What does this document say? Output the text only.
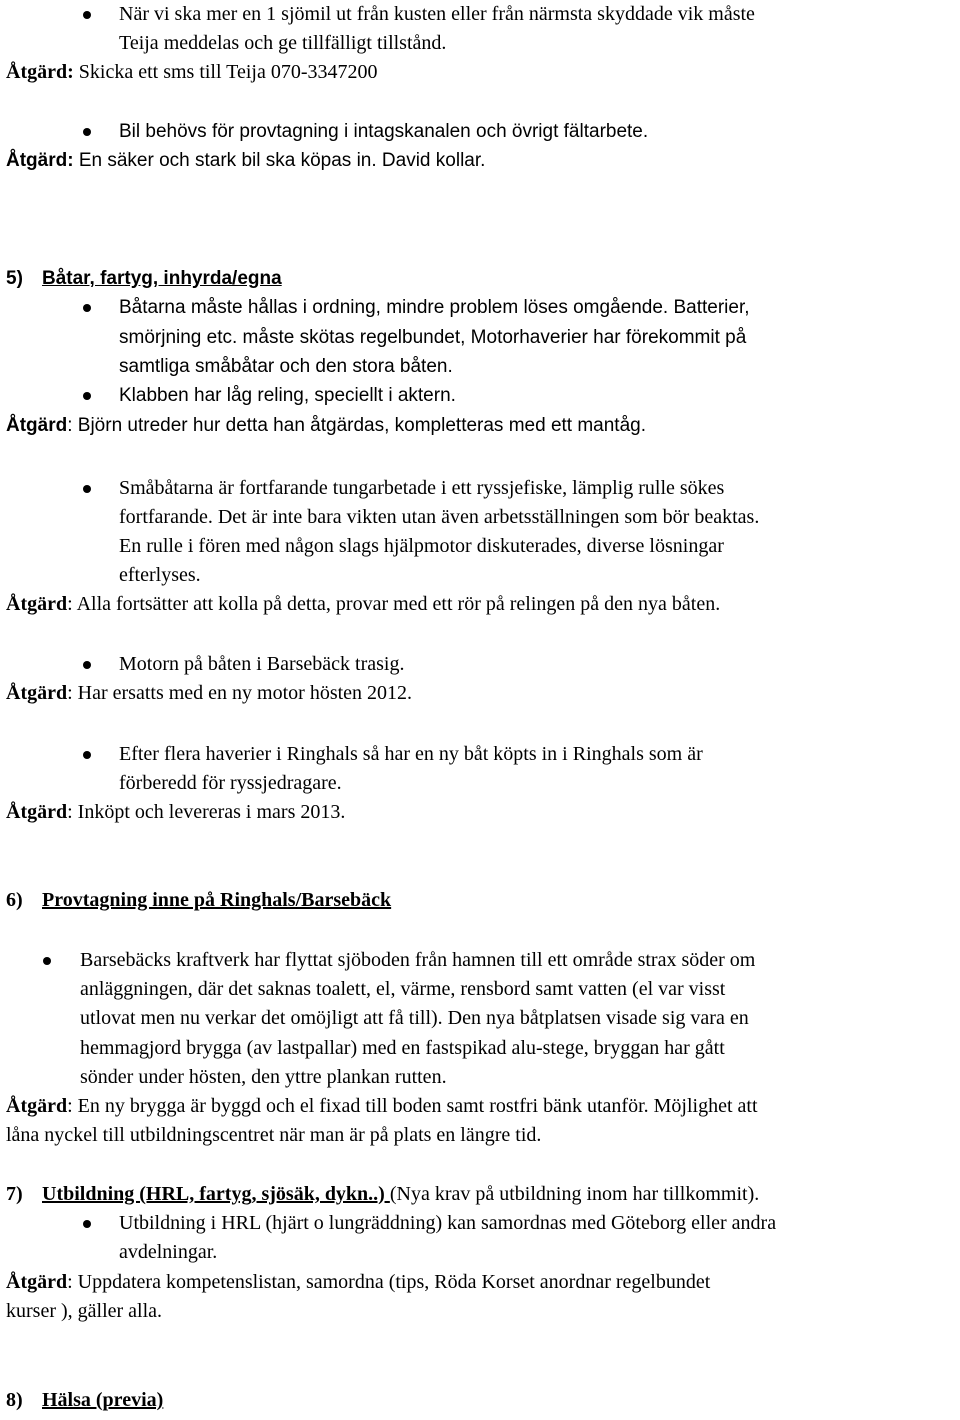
När vi ska mer en 1 sjömil ut från kusten eller från närmsta skyddade vik måste
Teija meddelas och ge tillfälligt tillstånd.
Åtgärd: Skicka ett sms till Teija 070-3347200
Bil behövs för provtagning i intagskanalen och övrigt fältarbete.
Åtgärd: En säker och stark bil ska köpas in. David kollar.
5) Båtar, fartyg, inhyrda/egna
Båtarna måste hållas i ordning, mindre problem löses omgående. Batterier,
smörjning etc. måste skötas regelbundet, Motorhaverier har förekommit på
samtliga småbåtar och den stora båten.
Klabben har låg reling, speciellt i aktern.
Åtgärd: Björn utreder hur detta han åtgärdas, kompletteras med ett mantåg.
Småbåtarna är fortfarande tungarbetade i ett ryssjefiske, lämplig rulle sökes
fortfarande. Det är inte bara vikten utan även arbetsställningen som bör beaktas.
En rulle i fören med någon slags hjälpmotor diskuterades, diverse lösningar
efterlyses.
Åtgärd: Alla fortsätter att kolla på detta, provar med ett rör på relingen på den nya båten.
Motorn på båten i Barsebäck trasig.
Åtgärd: Har ersatts med en ny motor hösten 2012.
Efter flera haverier i Ringhals så har en ny båt köpts in i Ringhals som är
förberedd för ryssjedragare.
Åtgärd: Inköpt och levereras i mars 2013.
6) Provtagning inne på Ringhals/Barsebäck
Barsebäcks kraftverk har flyttat sjöboden från hamnen till ett område strax söder om
anläggningen, där det saknas toalett, el, värme, rensbord samt vatten (el var visst
utlovat men nu verkar det omöjligt att få till). Den nya båtplatsen visade sig vara en
hemmagjord brygga (av lastpallar) med en fastspikad alu-stege, bryggan har gått
sönder under hösten, den yttre plankan rutten.
Åtgärd: En ny brygga är byggd och el fixad till boden samt rostfri bänk utanför. Möjlighet att
låna nyckel till utbildningscentret när man är på plats en längre tid.
7) Utbildning (HRL, fartyg, sjösäk, dykn..) (Nya krav på utbildning inom har tillkommit).
Utbildning i HRL (hjärt o lungräddning) kan samordnas med Göteborg eller andra
avdelningar.
Åtgärd: Uppdatera kompetenslistan, samordna (tips, Röda Korset anordnar regelbundet
kurser ), gäller alla.
8) Hälsa (previa)
